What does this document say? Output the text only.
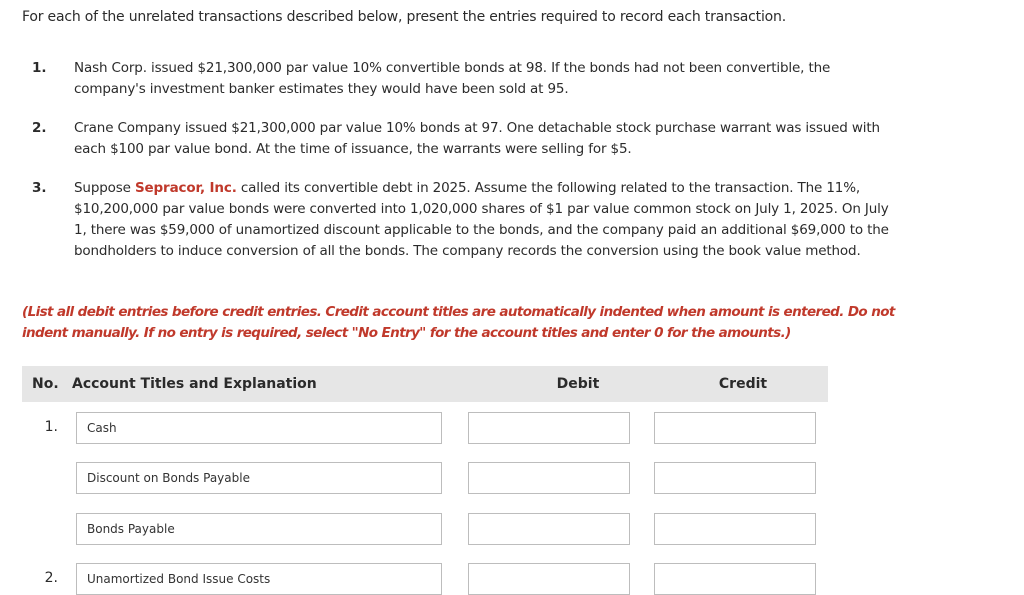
For each of the unrelated transactions described below, present the entries required to record each transaction.
1.	Nash Corp. issued $21,300,000 par value 10% convertible bonds at 98. If the bonds had not been convertible, the company's investment banker estimates they would have been sold at 95.
2.	Crane Company issued $21,300,000 par value 10% bonds at 97. One detachable stock purchase warrant was issued with each $100 par value bond. At the time of issuance, the warrants were selling for $5.
3.	Suppose Sepracor, Inc. called its convertible debt in 2025. Assume the following related to the transaction. The 11%, $10,200,000 par value bonds were converted into 1,020,000 shares of $1 par value common stock on July 1, 2025. On July 1, there was $59,000 of unamortized discount applicable to the bonds, and the company paid an additional $69,000 to the bondholders to induce conversion of all the bonds. The company records the conversion using the book value method.
(List all debit entries before credit entries. Credit account titles are automatically indented when amount is entered. Do not indent manually. If no entry is required, select "No Entry" for the account titles and enter 0 for the amounts.)
No. Account Titles and Explanation	Debit	Credit
1.	Cash
Discount on Bonds Payable
Bonds Payable
2.	Unamortized Bond Issue Costs
